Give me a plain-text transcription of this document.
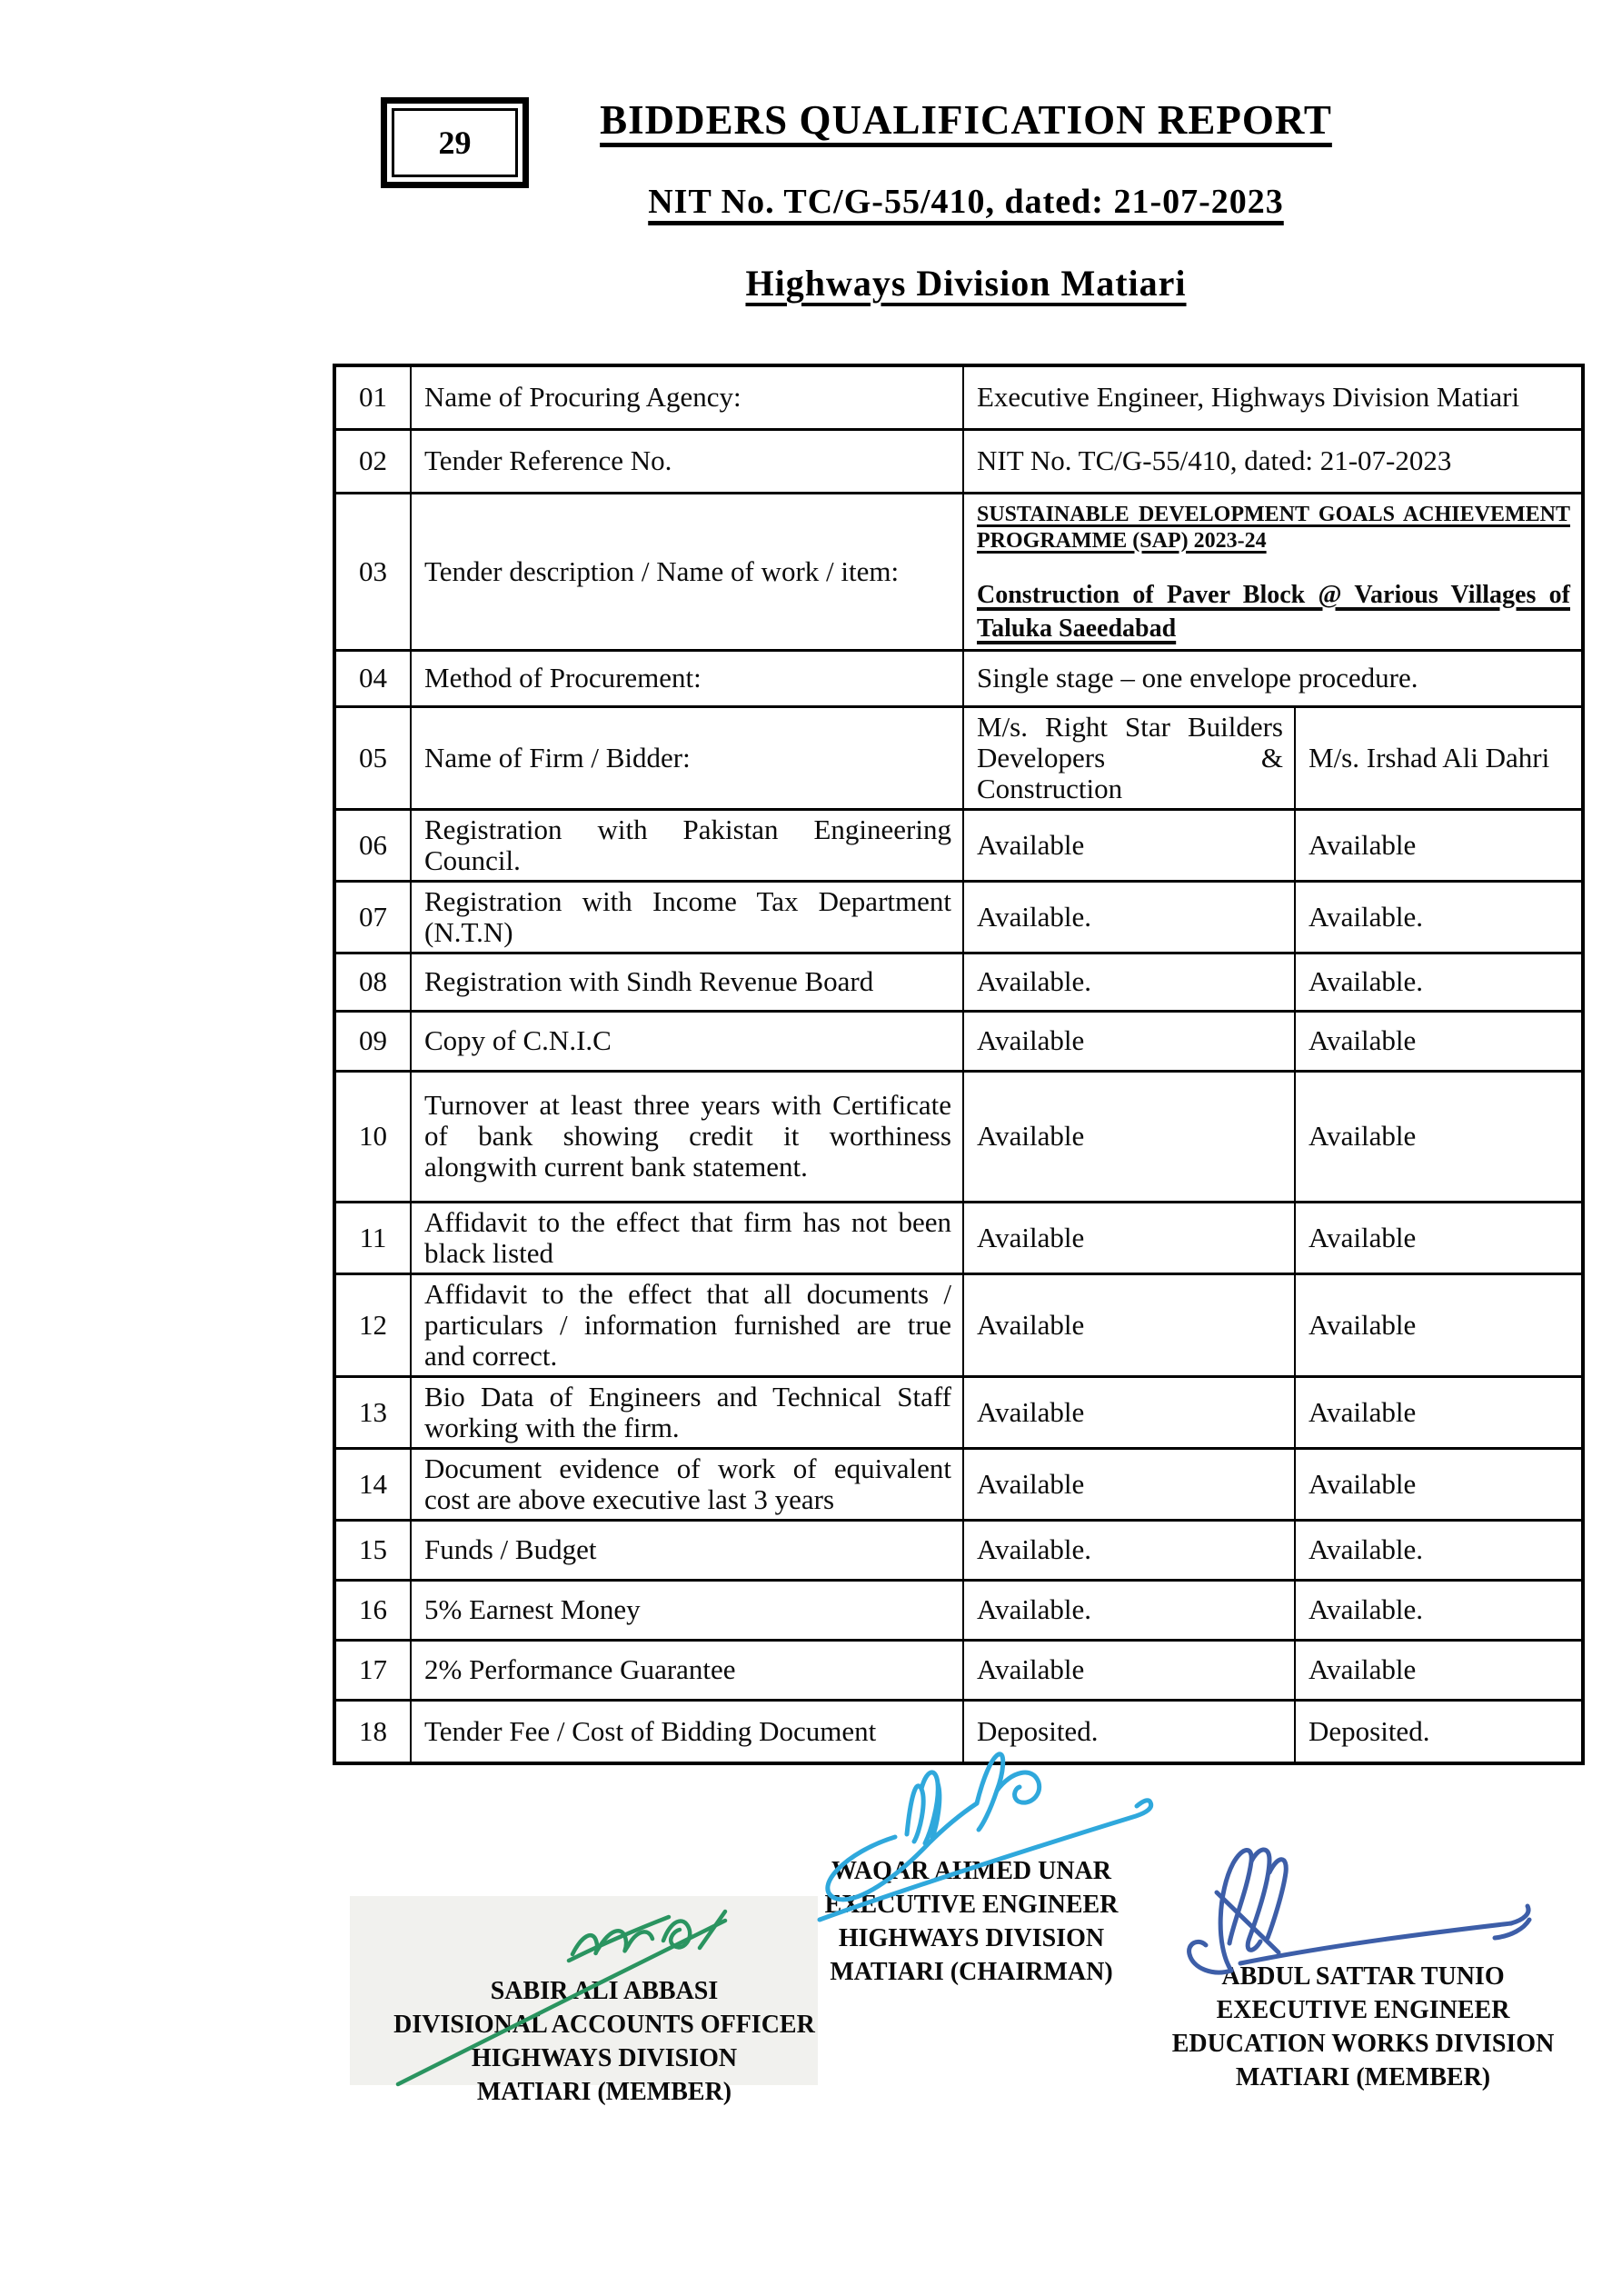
29	BIDDERS QUALIFICATION REPORT
NIT No. TC/G-55/410, dated: 21-07-2023
Highways Division Matiari
01	Name of Procuring Agency:	Executive Engineer, Highways Division Matiari	
02	Tender Reference No.	NIT No. TC/G-55/410, dated: 21-07-2023	
03	Tender description / Name of work / item:	SUSTAINABLE DEVELOPMENT GOALS ACHIEVEMENT PROGRAMME (SAP) 2023-24

Construction of Paver Block @ Various Villages of Taluka Saeedabad	

04	Method of Procurement:	Single stage – one envelope procedure.	
05	Name of Firm / Bidder:	M/s. Right Star Builders Developers & Construction	M/s. Irshad Ali Dahri
06	Registration with Pakistan Engineering Council.	Available	Available
07	Registration with Income Tax Department (N.T.N)	Available.	Available.
08	Registration with Sindh Revenue Board	Available.	Available.
09	Copy of C.N.I.C	Available	Available
10	Turnover at least three years with Certificate of bank showing credit it worthiness alongwith current bank statement.	Available	Available
11	Affidavit to the effect that firm has not been black listed	Available	Available
12	Affidavit to the effect that all documents / particulars / information furnished are true and correct.	Available	Available
13	Bio Data of Engineers and Technical Staff working with the firm.	Available	Available
14	Document evidence of work of equivalent cost are above executive last 3 years	Available	Available
15	Funds / Budget	Available.	Available.
16	5% Earnest Money	Available.	Available.
17	2% Performance Guarantee	Available	Available
18	Tender Fee / Cost of Bidding Document	Deposited.	Deposited.
WAQAR AHMED UNAR
EXECUTIVE ENGINEER
HIGHWAYS DIVISION
MATIARI (CHAIRMAN)
SABIR ALI ABBASI
DIVISIONAL ACCOUNTS OFFICER
HIGHWAYS DIVISION
MATIARI (MEMBER)
ABDUL SATTAR TUNIO
EXECUTIVE ENGINEER
EDUCATION WORKS DIVISION
MATIARI (MEMBER)
